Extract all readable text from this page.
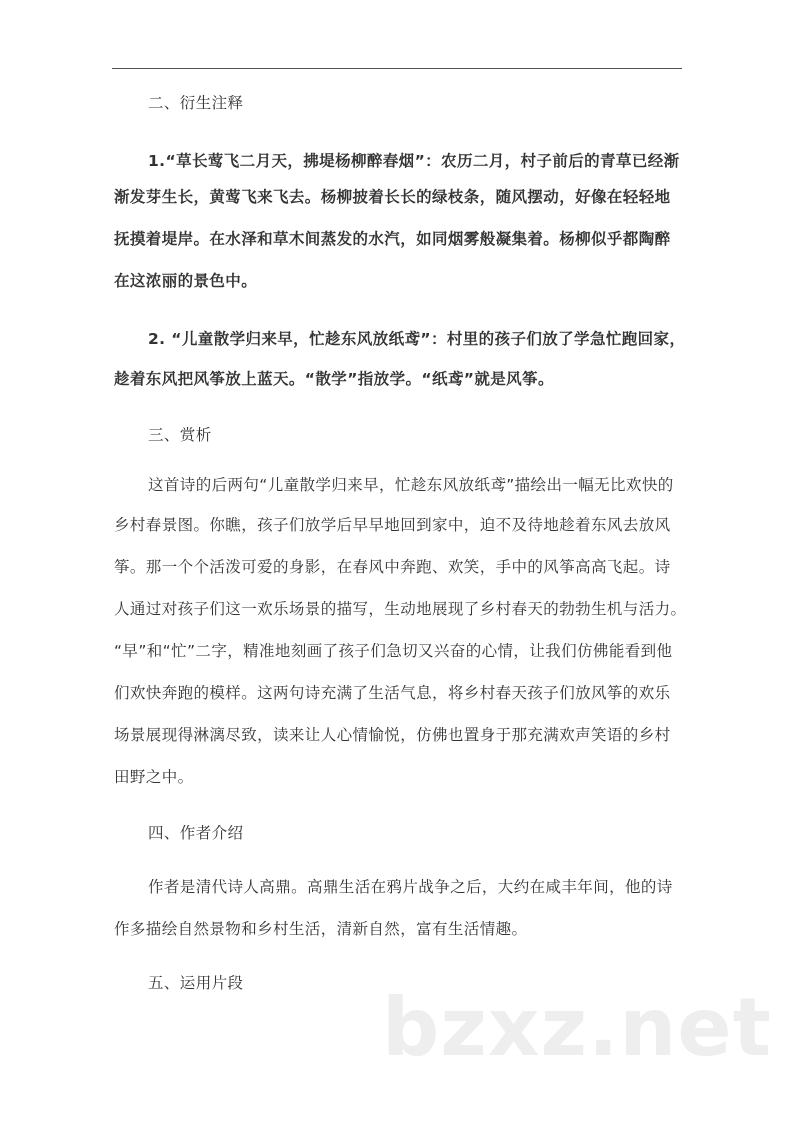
二、衍生注释
1.“草长莺飞二月天，拂堤杨柳醉春烟”：农历二月，村子前后的青草已经渐
渐发芽生长，黄莺飞来飞去。杨柳披着长长的绿枝条，随风摆动，好像在轻轻地
抚摸着堤岸。在水泽和草木间蒸发的水汽，如同烟雾般凝集着。杨柳似乎都陶醉
在这浓丽的景色中。
2. “儿童散学归来早，忙趁东风放纸鸢”：村里的孩子们放了学急忙跑回家，
趁着东风把风筝放上蓝天。“散学”指放学。“纸鸢”就是风筝。
三、赏析
这首诗的后两句“儿童散学归来早，忙趁东风放纸鸢”描绘出一幅无比欢快的
乡村春景图。你瞧，孩子们放学后早早地回到家中，迫不及待地趁着东风去放风
筝。那一个个活泼可爱的身影，在春风中奔跑、欢笑，手中的风筝高高飞起。诗
人通过对孩子们这一欢乐场景的描写，生动地展现了乡村春天的勃勃生机与活力。
“早”和“忙”二字，精准地刻画了孩子们急切又兴奋的心情，让我们仿佛能看到他
们欢快奔跑的模样。这两句诗充满了生活气息，将乡村春天孩子们放风筝的欢乐
场景展现得淋漓尽致，读来让人心情愉悦，仿佛也置身于那充满欢声笑语的乡村
田野之中。
四、作者介绍
作者是清代诗人高鼎。高鼎生活在鸦片战争之后，大约在咸丰年间，他的诗
作多描绘自然景物和乡村生活，清新自然，富有生活情趣。
五、运用片段 bzxz.net
